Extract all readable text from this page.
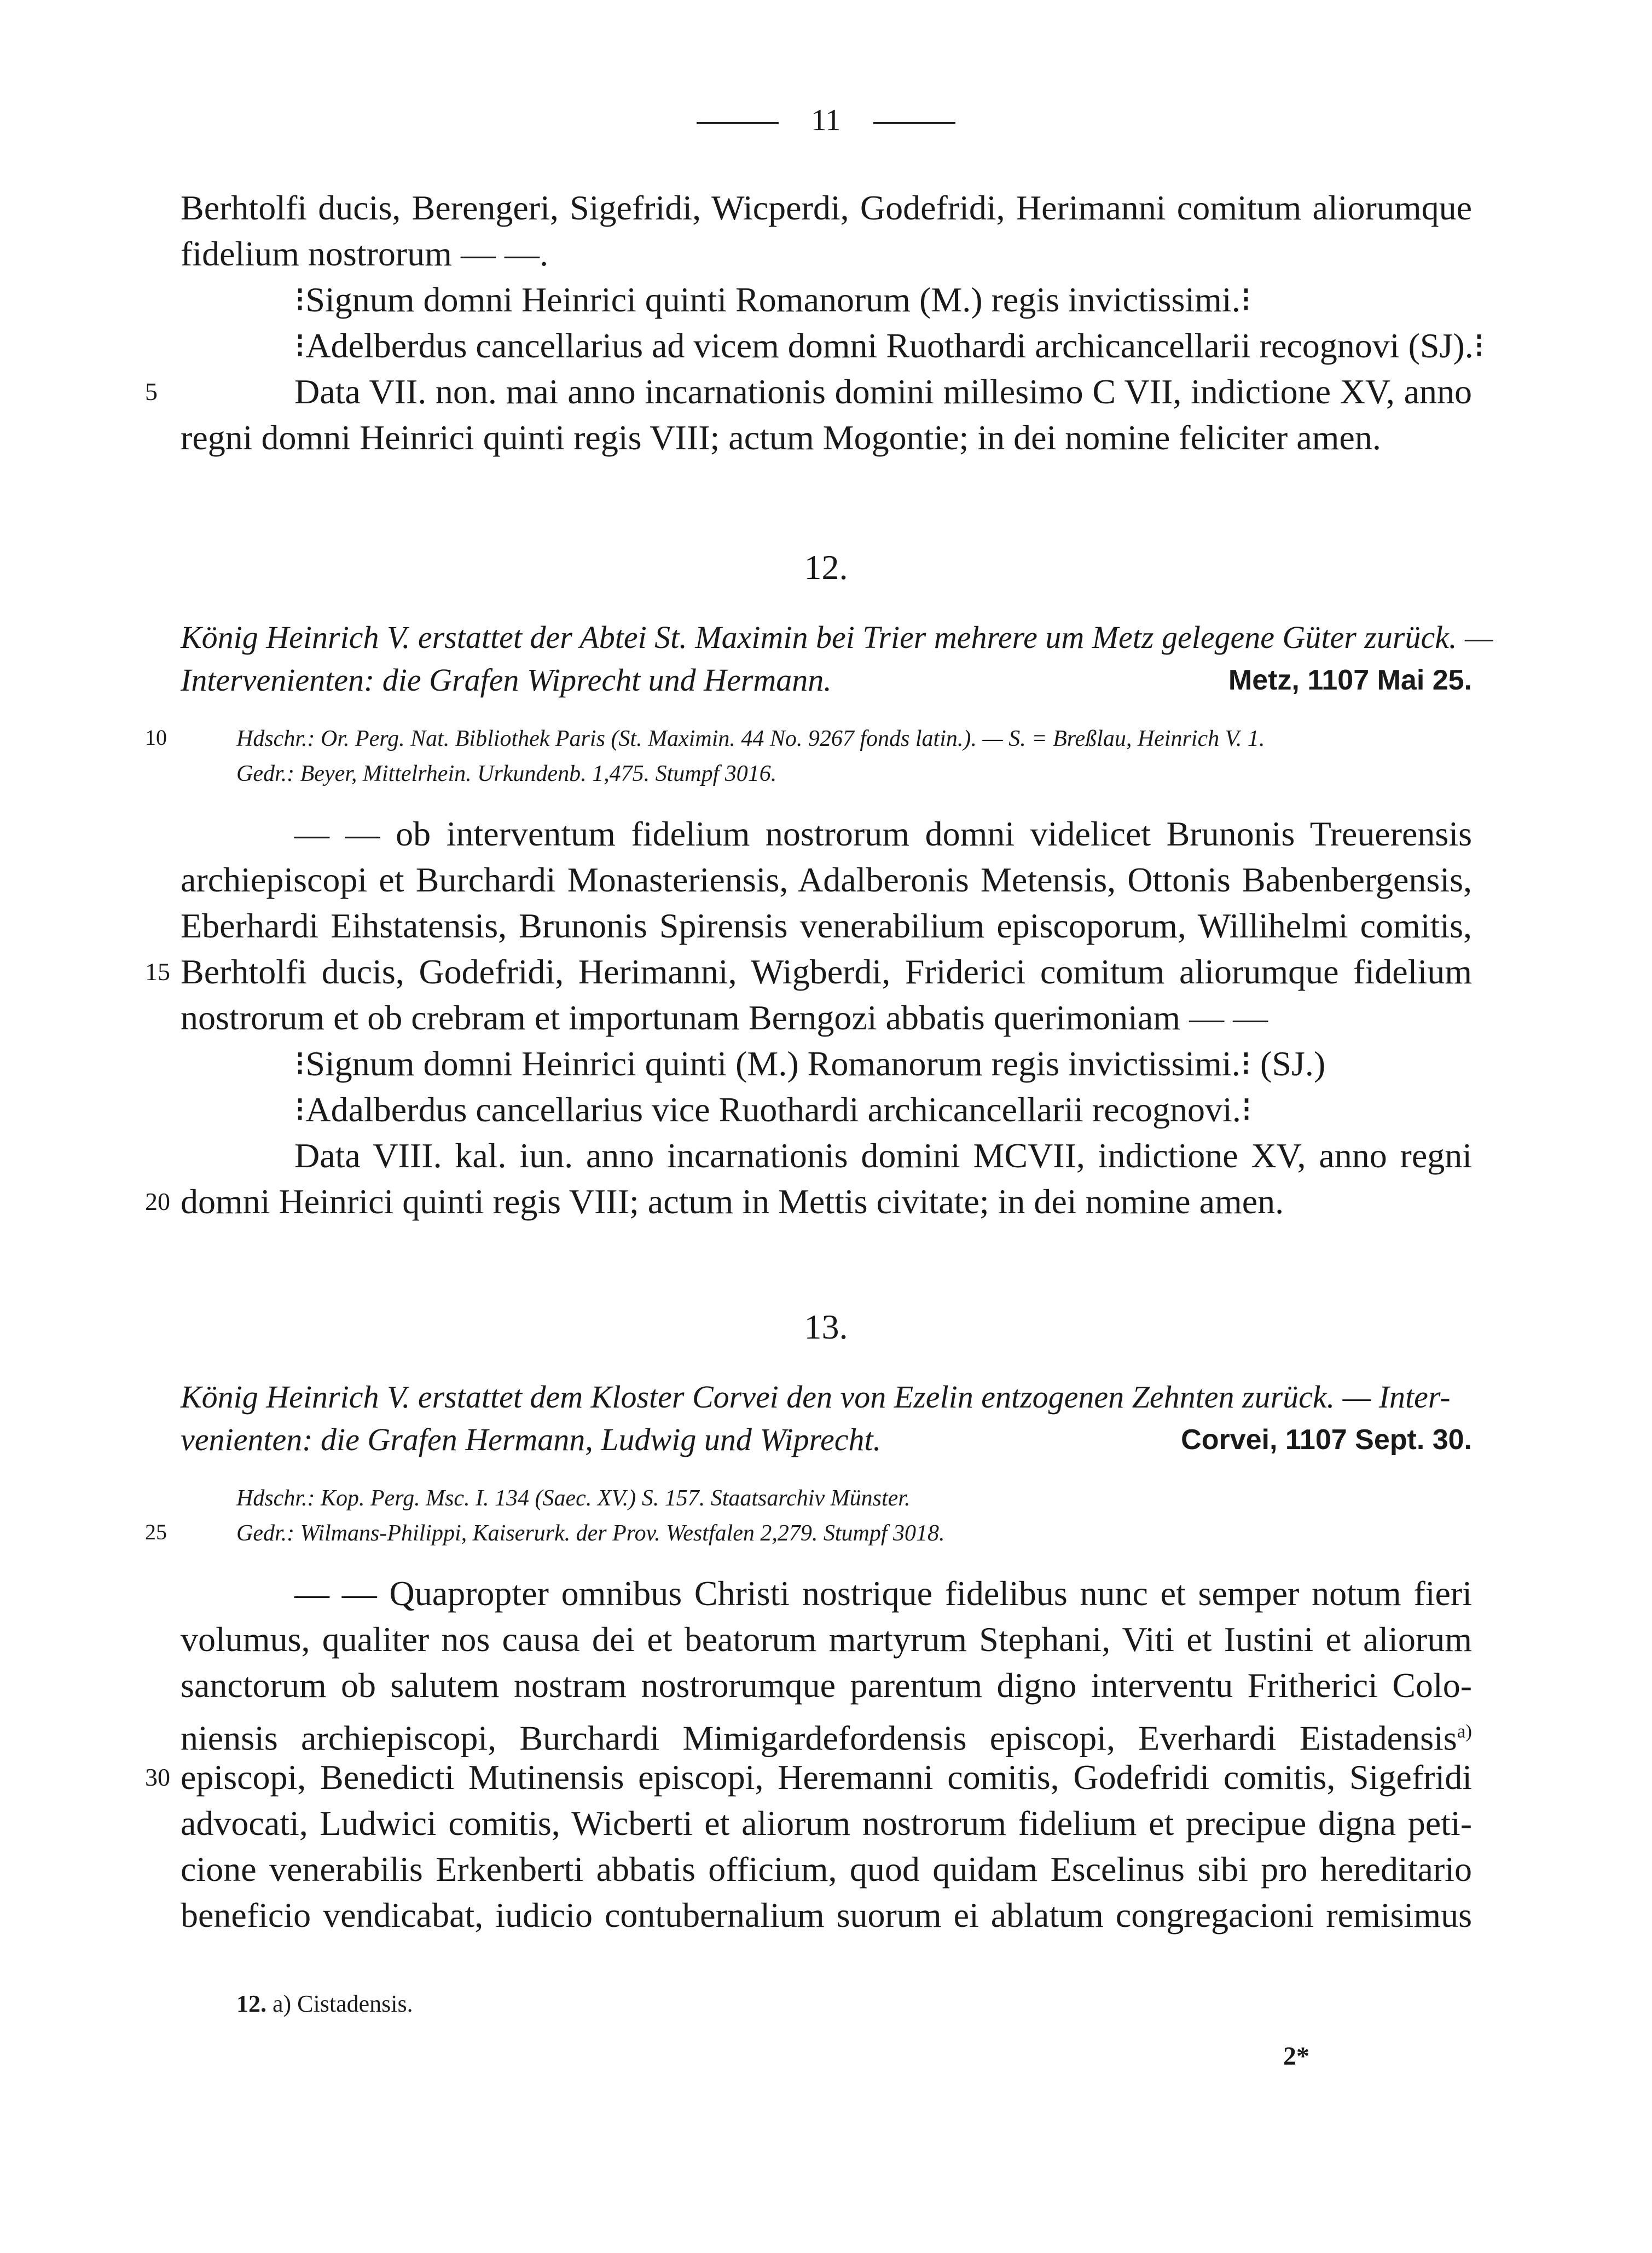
11
Berhtolfi ducis, Berengeri, Sigefridi, Wicperdi, Godefridi, Herimanni comitum aliorumque
fidelium nostrorum — —.
⁝Signum domni Heinrici quinti Romanorum (M.) regis invictissimi.⁝
⁝Adelberdus cancellarius ad vicem domni Ruothardi archicancellarii recognovi (SJ).⁝
5	Data VII. non. mai anno incarnationis domini millesimo C VII, indictione XV, anno
regni domni Heinrici quinti regis VIII; actum Mogontie; in dei nomine feliciter amen.
12.
König Heinrich V. erstattet der Abtei St. Maximin bei Trier mehrere um Metz gelegene Güter zurück. —
Intervenienten: die Grafen Wiprecht und Hermann.	Metz, 1107 Mai 25.
10	Hdschr.: Or. Perg. Nat. Bibliothek Paris (St. Maximin. 44 No. 9267 fonds latin.). — S. = Breßlau, Heinrich V. 1.
Gedr.: Beyer, Mittelrhein. Urkundenb. 1,475. Stumpf 3016.
— — ob interventum fidelium nostrorum domni videlicet Brunonis Treuerensis
archiepiscopi et Burchardi Monasteriensis, Adalberonis Metensis, Ottonis Babenbergensis,
Eberhardi Eihstatensis, Brunonis Spirensis venerabilium episcoporum, Willihelmi comitis,
15 Berhtolfi ducis, Godefridi, Herimanni, Wigberdi, Friderici comitum aliorumque fidelium
nostrorum et ob crebram et importunam Berngozi abbatis querimoniam — —
⁝Signum domni Heinrici quinti (M.) Romanorum regis invictissimi.⁝ (SJ.)
⁝Adalberdus cancellarius vice Ruothardi archicancellarii recognovi.⁝
Data VIII. kal. iun. anno incarnationis domini MCVII, indictione XV, anno regni
20 domni Heinrici quinti regis VIII; actum in Mettis civitate; in dei nomine amen.
13.
König Heinrich V. erstattet dem Kloster Corvei den von Ezelin entzogenen Zehnten zurück. — Inter-
venienten: die Grafen Hermann, Ludwig und Wiprecht.	Corvei, 1107 Sept. 30.
Hdschr.: Kop. Perg. Msc. I. 134 (Saec. XV.) S. 157. Staatsarchiv Münster.
25	Gedr.: Wilmans-Philippi, Kaiserurk. der Prov. Westfalen 2,279. Stumpf 3018.
— — Quapropter omnibus Christi nostrique fidelibus nunc et semper notum fieri
volumus, qualiter nos causa dei et beatorum martyrum Stephani, Viti et Iustini et aliorum
sanctorum ob salutem nostram nostrorumque parentum digno interventu Fritherici Colo-
niensis archiepiscopi, Burchardi Mimigardefordensis episcopi, Everhardi Eistadensis$^{a)}$
30 episcopi, Benedicti Mutinensis episcopi, Heremanni comitis, Godefridi comitis, Sigefridi
advocati, Ludwici comitis, Wicberti et aliorum nostrorum fidelium et precipue digna peti-
cione venerabilis Erkenberti abbatis officium, quod quidam Escelinus sibi pro hereditario
beneficio vendicabat, iudicio contubernalium suorum ei ablatum congregacioni remisimus
12. a) Cistadensis.
2*
